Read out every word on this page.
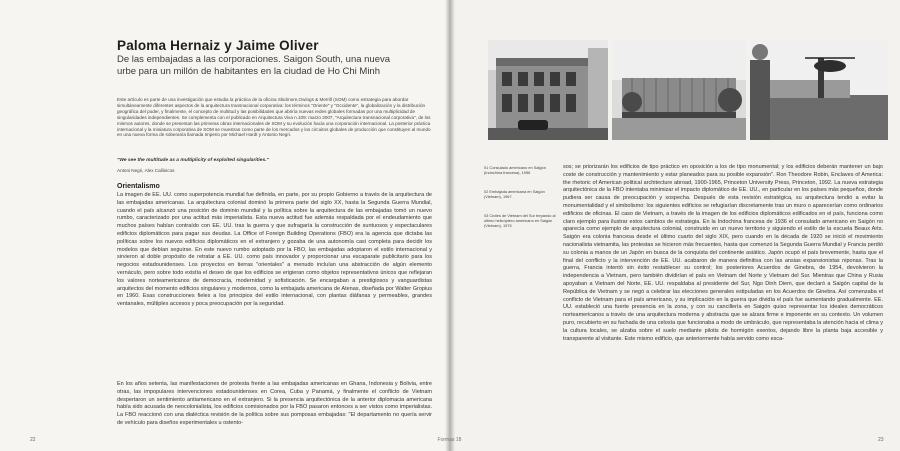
Paloma Hernaiz y Jaime Oliver
De las embajadas a las corporaciones. Saigon South, una nueva urbe para un millón de habitantes en la ciudad de Ho Chi Minh

Este artículo es parte de una investigación que estudia la práctica de la oficina Skidmore,Owings & Merrill (SOM) como estrategia para abordar simultáneamente diferentes aspectos de la arquitectura transnacional corporativa: los términos "Oriente" y "Occidente", la globalización y la distribución geográfica del poder, y finalmente, el concepto de multitud y las posibilidades que abriría nuevas redes globales formadas por una multiplicidad de singularidades independientes. Se complementa con el publicado en Arquitectura Viva n.109: marzo 2007, "Arquitectura transnacional corporativa", de los mismos autores, donde se presentan las primeras obras internacionales de SOM y su evolución hacia una corporación internacional. La posterior práctica internacional y la miniatura corporativa de SOM se muestran como parte de los mercados y los circuitos globales de producción que constituyen al mundo en una nueva forma de soberanía llamada Imperio por Michael Hardt y Antonio Negri.

"We see the multitude as a multiplicity of exploited singularities."
Antoni Negri, Alex Callinicos
Orientalismo

La imagen de EE. UU. como superpotencia mundial fue definida, en parte, por su propio Gobierno a través de la arquitectura de las embajadas americanas. La arquitectura colonial dominó la primera parte del siglo XX, hasta la Segunda Guerra Mundial, cuando el país alcanzó una posición de dominio mundial y la política sobre la arquitectura de las embajadas tomó un nuevo rumbo, caracterizado por una actitud más imperialista. Esta nueva actitud fue además respaldada por el endeudamiento que muchos países habían contraído con EE. UU. tras la guerra y que sufragaría la construcción de suntuosos y espectaculares edificios diplomáticos para pagar sus deudas. La Office of Foreign Building Operations (FBO) era la agencia que dictaba las políticas sobre los nuevos edificios diplomáticos en el extranjero y gozaba de una autonomía casi completa para decidir los modelos que debían seguirse. En este nuevo rumbo adoptado por la FBO, las embajadas adoptaron el estilo internacional y sirvieron al doble propósito de retratar a EE. UU. como país innovador y proporcionar una escaparate publicitario para los negocios estadounidenses. Los proyectos en tierras "orientales" a menudo incluían una abstracción de algún elemento vernáculo, pero sobre todo existía el deseo de que los edificios se erigieran como objetos representativos únicos que reflejaran los valores norteamericanos de democracia, modernidad y sofisticación. Se encargaban a prestigiosos y vanguardistas arquitectos del momento edificios singulares y modernos, como la embajada americana de Atenas, diseñada por Walter Gropius en 1960. Esas construcciones fieles a los principios del estilo internacional, con plantas diáfanas y permeables, grandes ventanales, múltiples accesos y poca preocupación por la seguridad.

En los años setenta, las manifestaciones de protesta frente a las embajadas americanas en Ghana, Indonesia y Bolivia, entre otras, las impopulares intervenciones estadounidenses en Corea, Cuba y Panamá, y finalmente el conflicto de Vietnam despertaron un sentimiento antiamericano en el extranjero. Si la presencia arquitectónica de la anterior diplomacia americana había sido acusada de neocolonialista, los edificios comisionados por la FBO pasaron entonces a ser vistos como imperialistas. La FBO reaccionó con una dialéctica revisión de la política sobre sus pomposas embajadas: "El departamento no quería servir de vehículo para diseños experimentales u ostento-

22
01 Consulado americano en Saigón (Indochina francesa), 1956
02 Embajada americana en Saigón (Vietnam), 1967
03 Civiles de Vietnam del Sur trepando al último helicóptero americano en Saigón (Vietnam), 1975

sos; se priorizarán los edificios de tipo práctico en oposición a los de tipo monumental; y los edificios deberán mantener un bajo coste de construcción y mantenimiento y estar planeados para su posible expansión". Ron Theodore Robin, Enclaves of America: the rhetoric of American political architecture abroad, 1900-1965, Princeton University Press, Princeton, 1992. La nueva estrategia arquitectónica de la FBO intentaba minimizar el impacto diplomático de EE. UU., en particular en los países más pequeños, donde pudiera ser causa de preocupación y sospecha. Después de esta revisión estratégica, su arquitectura tendió a evitar la monumentalidad y el simbolismo: los siguientes edificios se refugiarían discretamente tras un muro o aparecerían como ordinarios edificios de oficinas. El caso de Vietnam, a través de la imagen de los edificios diplomáticos edificados en el país, funciona como claro ejemplo para ilustrar estos cambios de estrategia. En la Indochina francesa de 1936 el consulado americano en Saigón no aparecía como ejemplo de arquitectura colonial, construido en un nuevo territorio y siguiendo el estilo de la escuela Beaux Arts. Saigón era colonia francesa desde el último cuarto del siglo XIX, pero cuando en la década de 1920 se inició el movimiento nacionalista vietnamita, las protestas se hicieron más frecuentes, hasta que comenzó la Segunda Guerra Mundial y Francia perdió su colonia a manos de un Japón en busca de la conquista del continente asiático. Japón ocupó el país brevemente, hasta que el final del conflicto y la intervención de EE. UU. acabaron de manera definitiva con las ansias expansionistas niponas. Tras la guerra, Francia intentó sin éxito restablecer su control; los posteriores Acuerdos de Ginebra, de 1954, devolvieron la independencia a Vietnam, pero también dividirían el país en Vietnam del Norte y Vietnam del Sur. Mientras que China y Rusia apoyaban a Vietnam del Norte, EE. UU. respaldaba al presidente del Sur, Ngo Dinh Diem, que declaró a Saigón capital de la República de Vietnam y se negó a celebrar las elecciones generales estipuladas en los Acuerdos de Ginebra. Así comenzaba el conflicto de Vietnam para el país americano, y su implicación en la guerra que dividía el país fue aumentando gradualmente. EE. UU. estableció una fuerte presencia en la zona, y con su cancillería en Saigón quiso representar los ideales democráticos norteamericanos a través de una arquitectura moderna y abstracta que se alzara firme e imponente en su contexto. Un volumen puro, recubierto en su fachada de una celosía que funcionaba a modo de umbráculo, que representaba la atención hacia el clima y la cultura locales, se alzaba sobre el suelo mediante pilotis de hormigón exentos, dejando libre la planta baja accesible y transparente al visitante. Este mismo edificio, que anteriormente había servido como esca-

23
Formas 18
